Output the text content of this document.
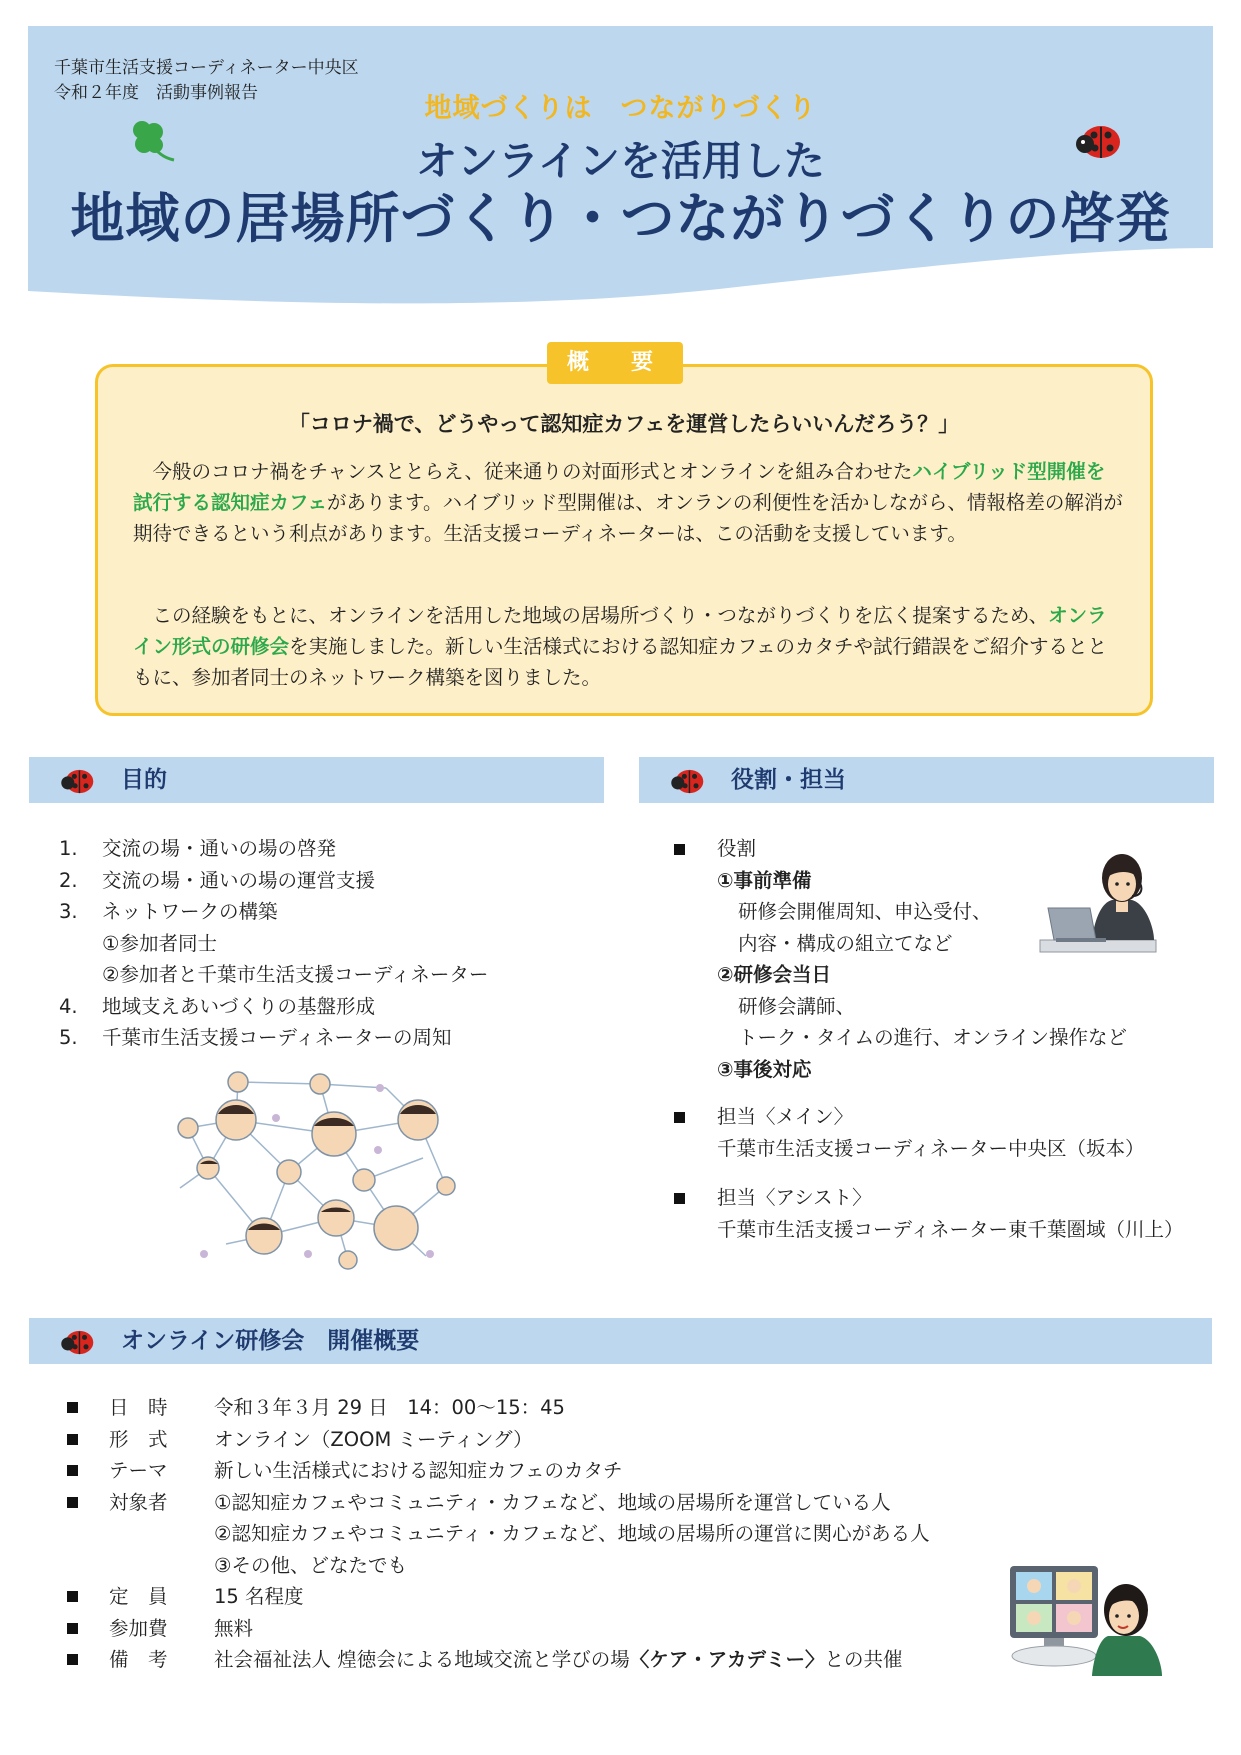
千葉市生活支援コーディネーター中央区
令和２年度　活動事例報告	地域づくりは　つながりづくり
オンラインを活用した
地域の居場所づくり・つながりづくりの啓発
概　要
「コロナ禍で、どうやって認知症カフェを運営したらいいんだろう？」
　今般のコロナ禍をチャンスととらえ、従来通りの対面形式とオンラインを組み合わせたハイブリッド型開催を試行する認知症カフェがあります。ハイブリッド型開催は、オンランの利便性を活かしながら、情報格差の解消が期待できるという利点があります。生活支援コーディネーターは、この活動を支援しています。
　この経験をもとに、オンラインを活用した地域の居場所づくり・つながりづくりを広く提案するため、オンライン形式の研修会を実施しました。新しい生活様式における認知症カフェのカタチや試行錯誤をご紹介するとともに、参加者同士のネットワーク構築を図りました。
目的
1. 交流の場・通いの場の啓発
2. 交流の場・通いの場の運営支援
3. ネットワークの構築
①参加者同士
②参加者と千葉市生活支援コーディネーター
4. 地域支えあいづくりの基盤形成
5. 千葉市生活支援コーディネーターの周知
役割・担当
役割
①事前準備
研修会開催周知、申込受付、
内容・構成の組立てなど
②研修会当日
研修会講師、
トーク・タイムの進行、オンライン操作など
③事後対応
担当〈メイン〉
千葉市生活支援コーディネーター中央区（坂本）
担当〈アシスト〉
千葉市生活支援コーディネーター東千葉圏域（川上）
オンライン研修会　開催概要
日　時 令和３年３月 29 日　14：00～15：45
形　式 オンライン（ZOOM ミーティング）
テーマ 新しい生活様式における認知症カフェのカタチ
対象者 ①認知症カフェやコミュニティ・カフェなど、地域の居場所を運営している人
②認知症カフェやコミュニティ・カフェなど、地域の居場所の運営に関心がある人
③その他、どなたでも
定　員 15 名程度
参加費 無料
備　考 社会福祉法人 煌徳会による地域交流と学びの場〈ケア・アカデミー〉との共催
